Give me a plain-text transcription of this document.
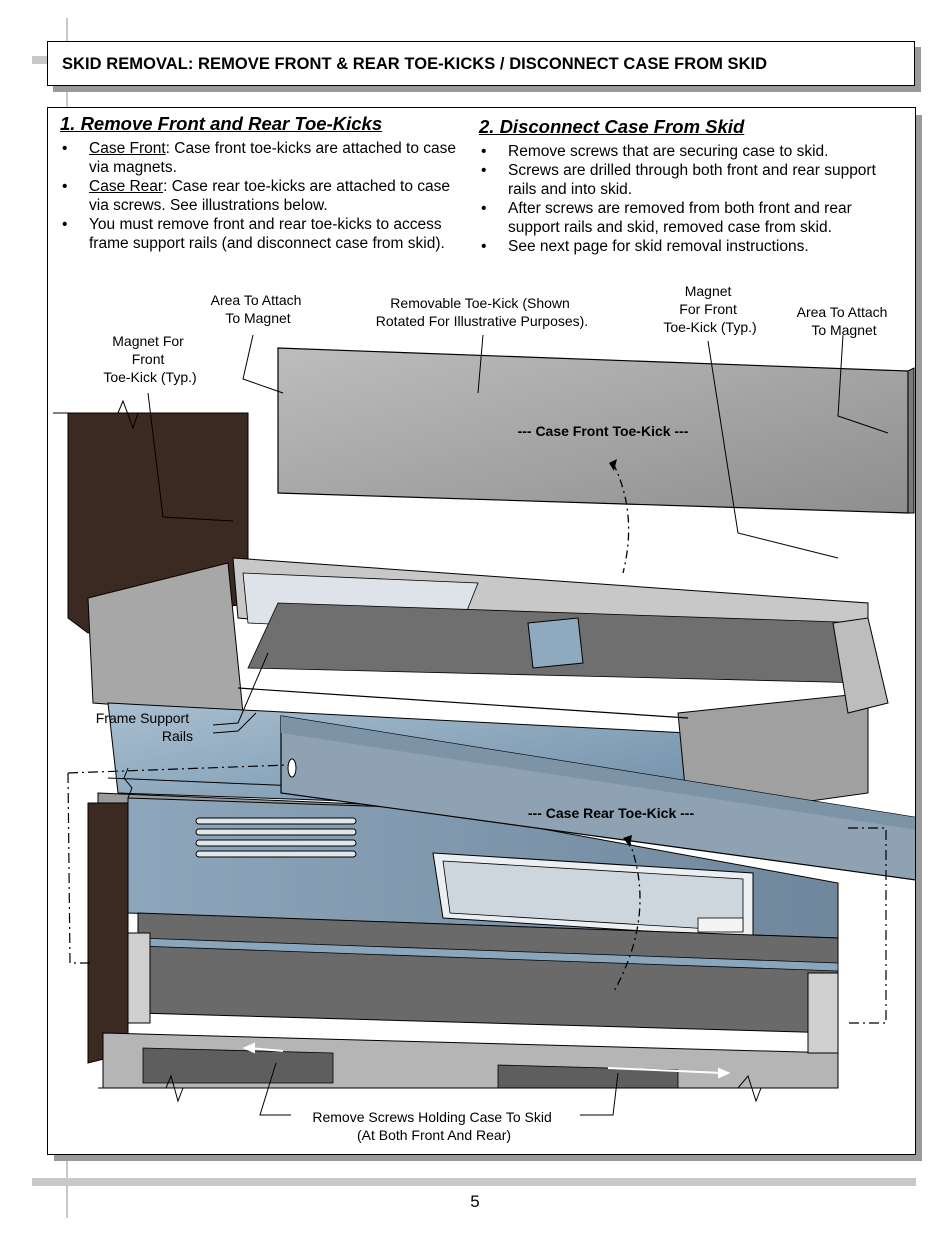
SKID REMOVAL: REMOVE FRONT & REAR TOE-KICKS / DISCONNECT CASE FROM SKID
1. Remove Front and Rear Toe-Kicks
• Case Front: Case front toe-kicks are attached to case via magnets.
• Case Rear: Case rear toe-kicks are attached to case via screws. See illustrations below.
• You must remove front and rear toe-kicks to access frame support rails (and disconnect case from skid).
2. Disconnect Case From Skid
• Remove screws that are securing case to skid.
• Screws are drilled through both front and rear support rails and into skid.
• After screws are removed from both front and rear support rails and skid, removed case from skid.
• See next page for skid removal instructions.
Area To Attach To Magnet
Removable Toe-Kick (Shown Rotated For Illustrative Purposes).
Magnet For Front Toe-Kick (Typ.)
Area To Attach To Magnet
Magnet For Front Toe-Kick (Typ.)
--- Case Front Toe-Kick ---
Frame Support Rails
--- Case Rear Toe-Kick ---
Remove Screws Holding Case To Skid (At Both Front And Rear)
5
